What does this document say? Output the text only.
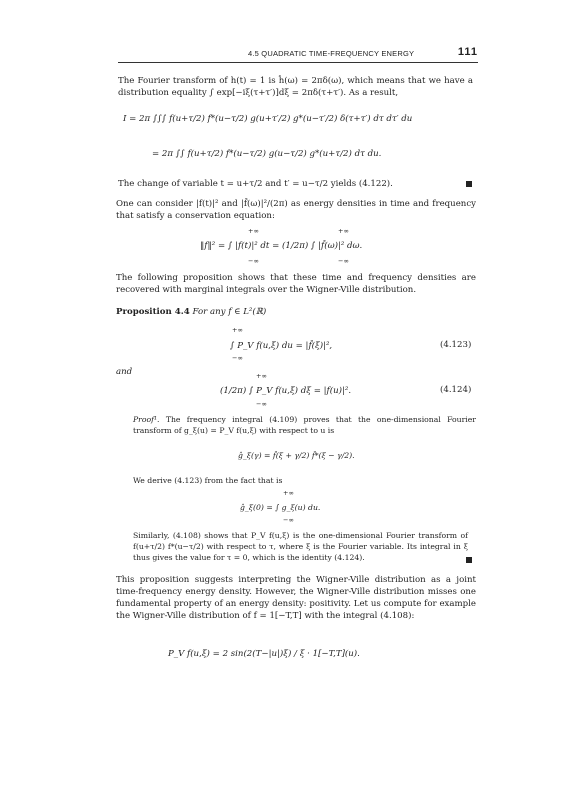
4.5 QUADRATIC TIME-FREQUENCY ENERGY	111
The Fourier transform of h(t) = 1 is ĥ(ω) = 2πδ(ω), which means that we have a distribution equality ∫ exp[−iξ(τ+τ′)]dξ = 2πδ(τ+τ′). As a result,
I = 2π ∫∫∫ f(u+τ/2) f*(u−τ/2) g(u+τ′/2) g*(u−τ′/2) δ(τ+τ′) dτ dτ′ du
= 2π ∫∫ f(u+τ/2) f*(u−τ/2) g(u−τ/2) g*(u+τ/2) dτ du.
The change of variable t = u+τ/2 and t′ = u−τ/2 yields (4.122).
One can consider |f(t)|² and |f̂(ω)|²/(2π) as energy densities in time and frequency that satisfy a conservation equation:
‖f‖² = ∫ |f(t)|² dt = (1/2π) ∫ |f̂(ω)|² dω.
+∞
−∞
+∞
−∞
The following proposition shows that these time and frequency densities are recovered with marginal integrals over the Wigner-Ville distribution.
Proposition 4.4 For any f ∈ L²(ℝ)
∫ P_V f(u,ξ) du = |f̂(ξ)|²,
+∞
−∞
(4.123)
and
(1/2π) ∫ P_V f(u,ξ) dξ = |f(u)|².
+∞
−∞
(4.124)
Proof¹. The frequency integral (4.109) proves that the one-dimensional Fourier transform of g_ξ(u) = P_V f(u,ξ) with respect to u is
ĝ_ξ(γ) = f̂(ξ + γ/2) f̂*(ξ − γ/2).
We derive (4.123) from the fact that is
ĝ_ξ(0) = ∫ g_ξ(u) du.
+∞
−∞
Similarly, (4.108) shows that P_V f(u,ξ) is the one-dimensional Fourier transform of f(u+τ/2) f*(u−τ/2) with respect to τ, where ξ is the Fourier variable. Its integral in ξ thus gives the value for τ = 0, which is the identity (4.124).
This proposition suggests interpreting the Wigner-Ville distribution as a joint time-frequency energy density. However, the Wigner-Ville distribution misses one fundamental property of an energy density: positivity. Let us compute for example the Wigner-Ville distribution of f = 1[−T,T] with the integral (4.108):
P_V f(u,ξ) = 2 sin(2(T−|u|)ξ) / ξ · 1[−T,T](u).
